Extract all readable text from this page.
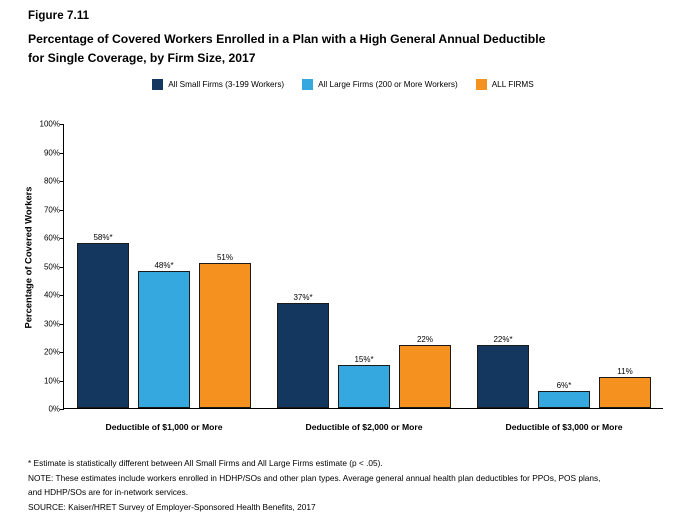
Figure 7.11
Percentage of Covered Workers Enrolled in a Plan with a High General Annual Deductible
for Single Coverage, by Firm Size, 2017
All Small Firms (3-199 Workers)	All Large Firms (200 or More Workers)	ALL FIRMS
Percentage of Covered Workers
0%
10%
20%
30%
40%
50%
60%
70%
80%
90%
100%
58%*
48%*
51%
Deductible of $1,000 or More
37%*
15%*
22%
Deductible of $2,000 or More
22%*
6%*
11%
Deductible of $3,000 or More
* Estimate is statistically different between All Small Firms and All Large Firms estimate (p < .05).
NOTE: These estimates include workers enrolled in HDHP/SOs and other plan types. Average general annual health plan deductibles for PPOs, POS plans,
and HDHP/SOs are for in-network services.
SOURCE: Kaiser/HRET Survey of Employer-Sponsored Health Benefits, 2017
